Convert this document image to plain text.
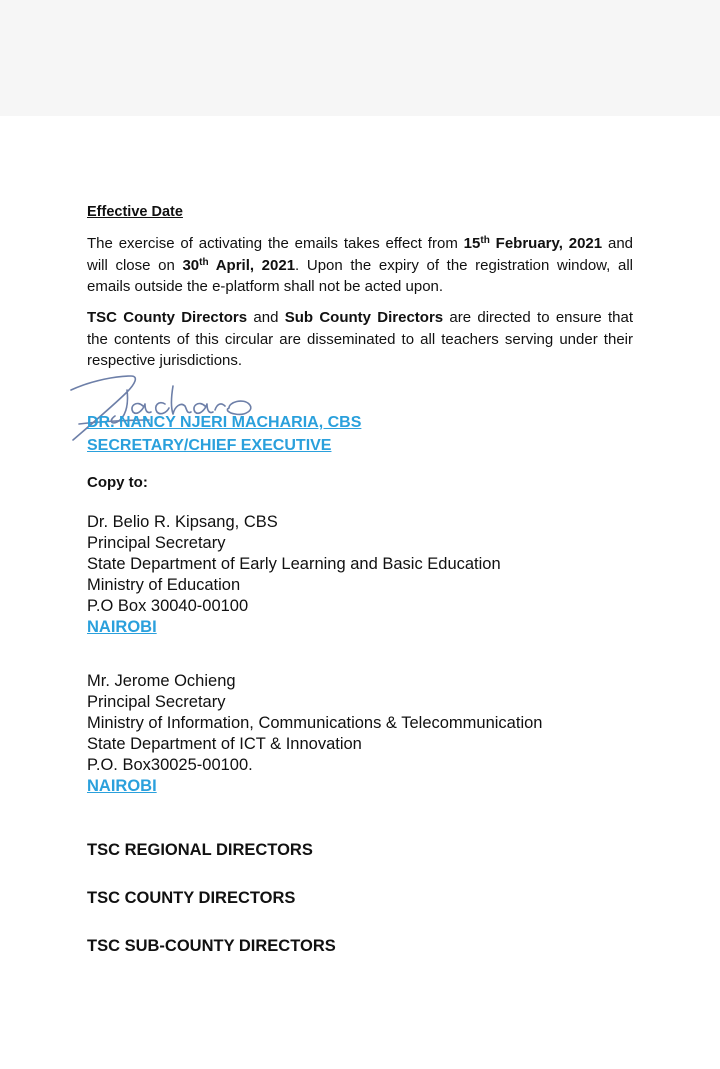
Effective Date
The exercise of activating the emails takes effect from 15th February, 2021 and will close on 30th April, 2021. Upon the expiry of the registration window, all emails outside the e-platform shall not be acted upon.
TSC County Directors and Sub County Directors are directed to ensure that the contents of this circular are disseminated to all teachers serving under their respective jurisdictions.
DR. NANCY NJERI MACHARIA, CBS
SECRETARY/CHIEF EXECUTIVE
Copy to:
Dr. Belio R. Kipsang, CBS
Principal Secretary
State Department of Early Learning and Basic Education
Ministry of Education
P.O Box 30040-00100
NAIROBI
Mr. Jerome Ochieng
Principal Secretary
Ministry of Information, Communications & Telecommunication
State Department of ICT & Innovation
P.O. Box30025-00100.
NAIROBI
TSC REGIONAL DIRECTORS
TSC COUNTY DIRECTORS
TSC SUB-COUNTY DIRECTORS
